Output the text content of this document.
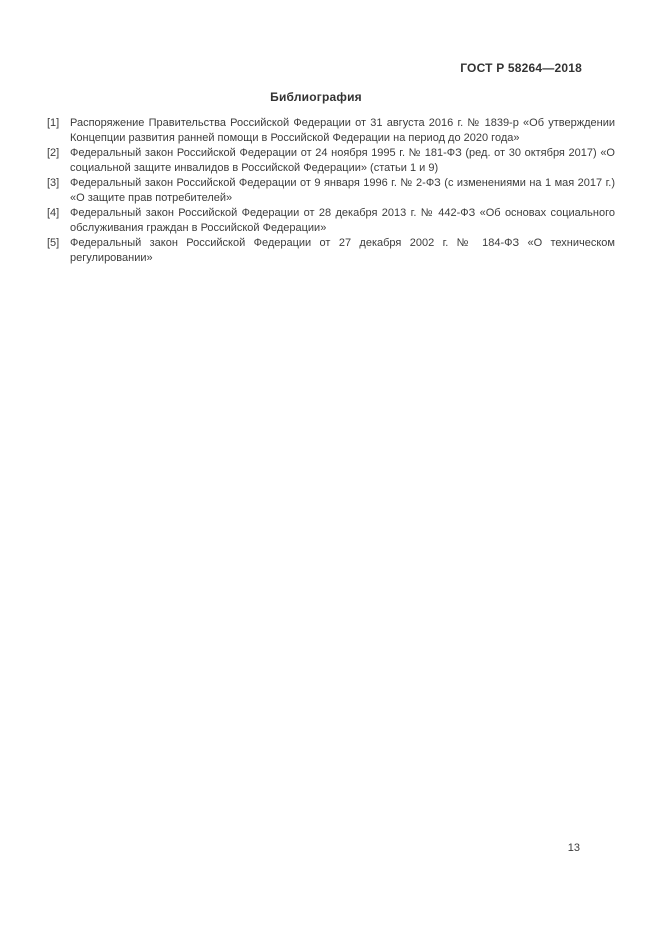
ГОСТ Р 58264—2018
Библиография
[1] Распоряжение Правительства Российской Федерации от 31 августа 2016 г. № 1839-р «Об утверждении Концепции развития ранней помощи в Российской Федерации на период до 2020 года»
[2] Федеральный закон Российской Федерации от 24 ноября 1995 г. № 181-ФЗ (ред. от 30 октября 2017) «О социальной защите инвалидов в Российской Федерации» (статьи 1 и 9)
[3] Федеральный закон Российской Федерации от 9 января 1996 г. № 2-ФЗ (с изменениями на 1 мая 2017 г.) «О защите прав потребителей»
[4] Федеральный закон Российской Федерации от 28 декабря 2013 г. № 442-ФЗ «Об основах социального обслуживания граждан в Российской Федерации»
[5] Федеральный закон Российской Федерации от 27 декабря 2002 г. № 184-ФЗ «О техническом регулировании»
13
